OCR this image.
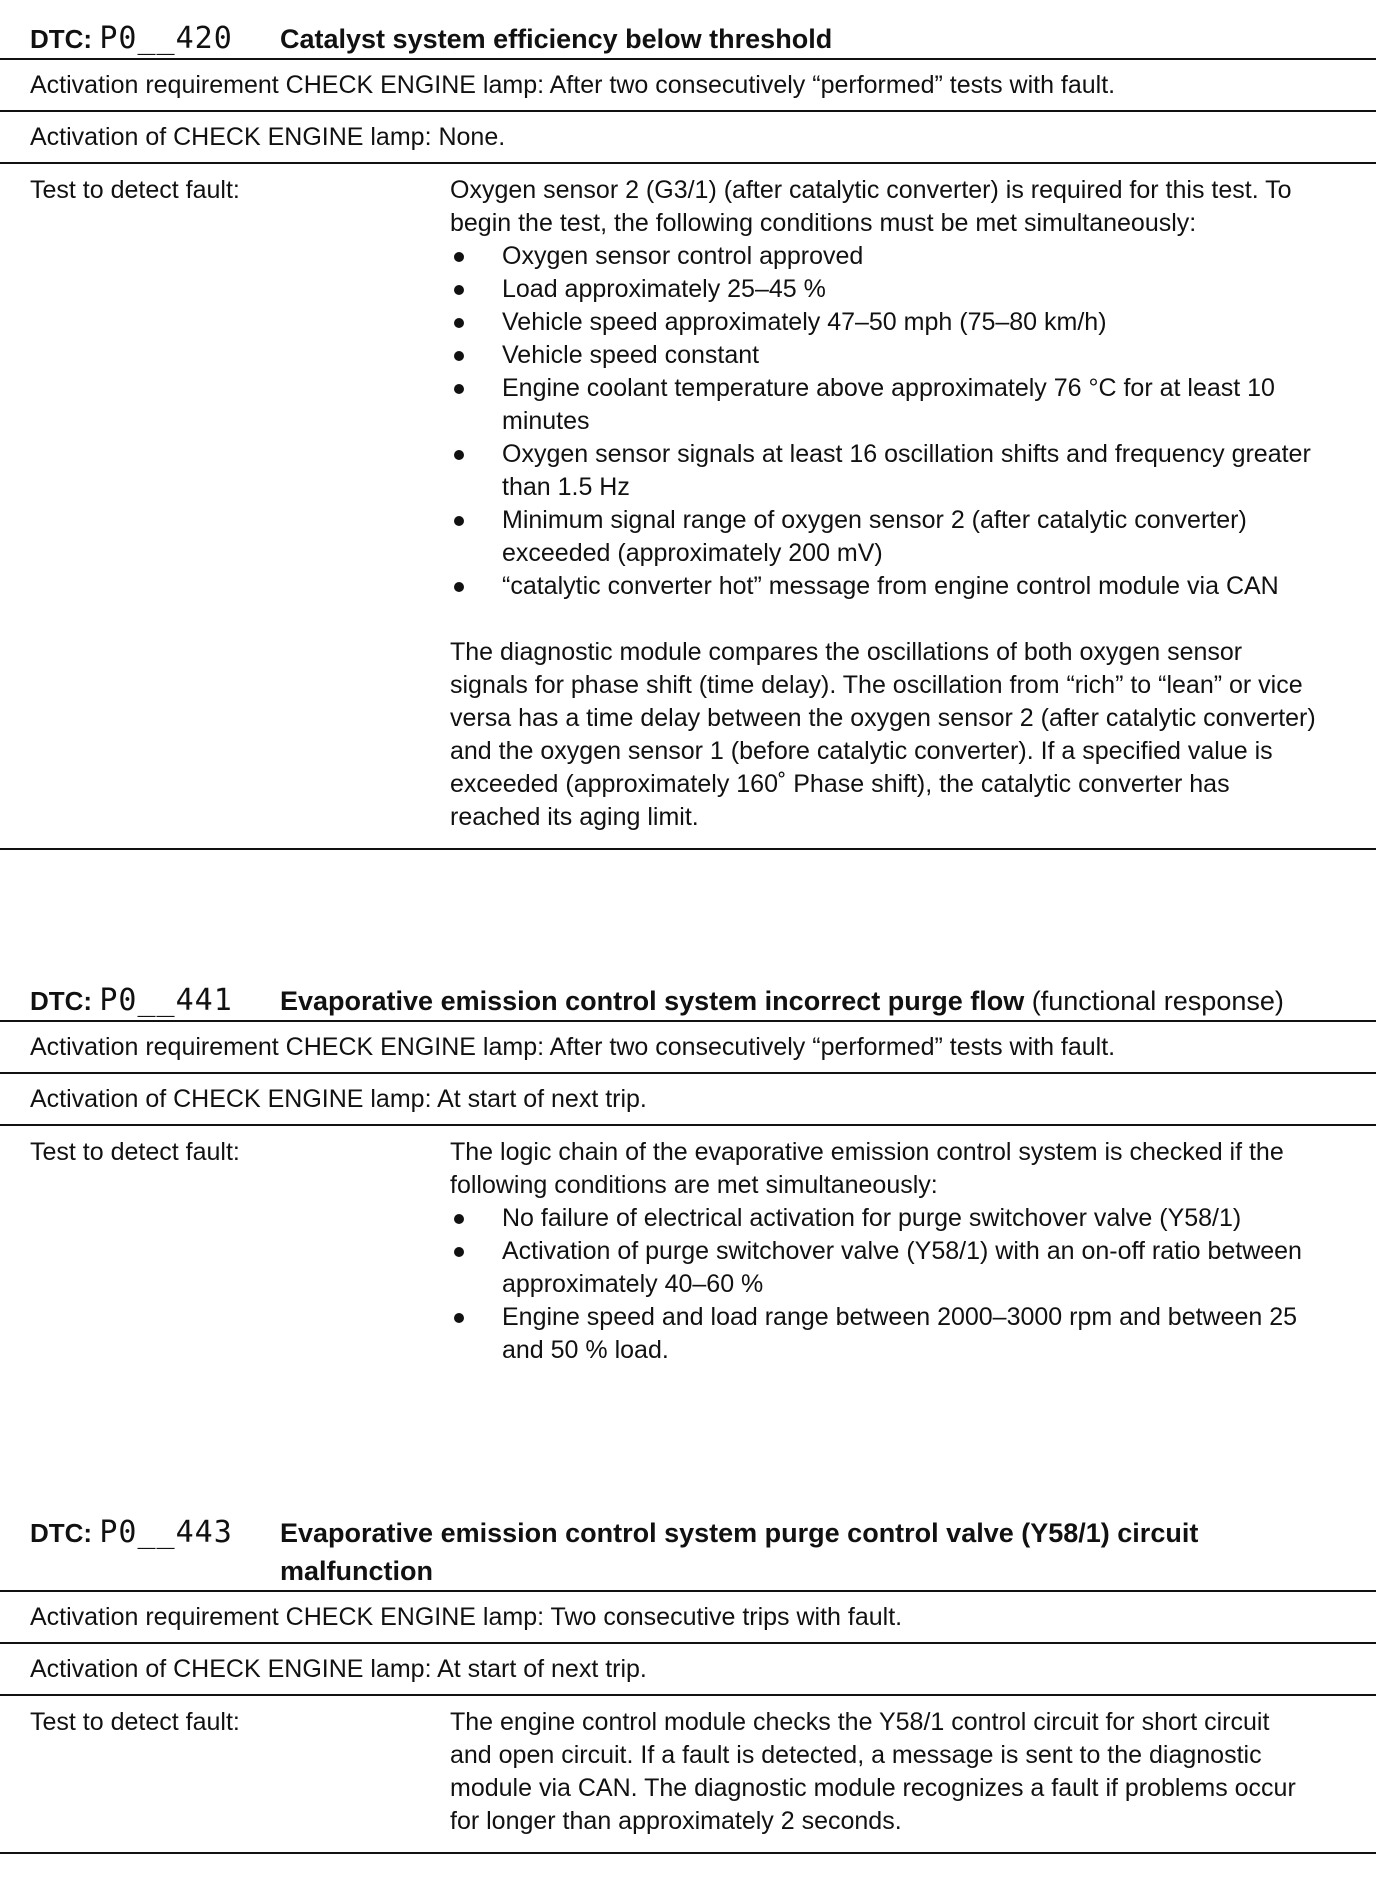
DTC: P0__420 Catalyst system efficiency below threshold
Activation requirement CHECK ENGINE lamp: After two consecutively “performed” tests with fault.
Activation of CHECK ENGINE lamp: None.
Test to detect fault:	Oxygen sensor 2 (G3/1) (after catalytic converter) is required for this test. To begin the test, the following conditions must be met simultaneously:

Oxygen sensor control approved
Load approximately 25–45 %
Vehicle speed approximately 47–50 mph (75–80 km/h)
Vehicle speed constant
Engine coolant temperature above approximately 76 °C for at least 10 minutes
Oxygen sensor signals at least 16 oscillation shifts and frequency greater than 1.5 Hz
Minimum signal range of oxygen sensor 2 (after catalytic converter) exceeded (approximately 200 mV)
“catalytic converter hot” message from engine control module via CAN

The diagnostic module compares the oscillations of both oxygen sensor signals for phase shift (time delay). The oscillation from “rich” to “lean” or vice versa has a time delay between the oxygen sensor 2 (after catalytic converter) and the oxygen sensor 1 (before catalytic converter). If a specified value is exceeded (approximately 160˚ Phase shift), the catalytic converter has reached its aging limit.

DTC: P0__441 Evaporative emission control system incorrect purge flow (functional response)
Activation requirement CHECK ENGINE lamp: After two consecutively “performed” tests with fault.
Activation of CHECK ENGINE lamp: At start of next trip.
Test to detect fault:	The logic chain of the evaporative emission control system is checked if the following conditions are met simultaneously:

No failure of electrical activation for purge switchover valve (Y58/1)
Activation of purge switchover valve (Y58/1) with an on-off ratio between approximately 40–60 %
Engine speed and load range between 2000–3000 rpm and between 25 and 50 % load.
DTC: P0__443 Evaporative emission control system purge control valve (Y58/1) circuit malfunction
Activation requirement CHECK ENGINE lamp: Two consecutive trips with fault.
Activation of CHECK ENGINE lamp: At start of next trip.
Test to detect fault:	The engine control module checks the Y58/1 control circuit for short circuit and open circuit. If a fault is detected, a message is sent to the diagnostic module via CAN. The diagnostic module recognizes a fault if problems occur for longer than approximately 2 seconds.
